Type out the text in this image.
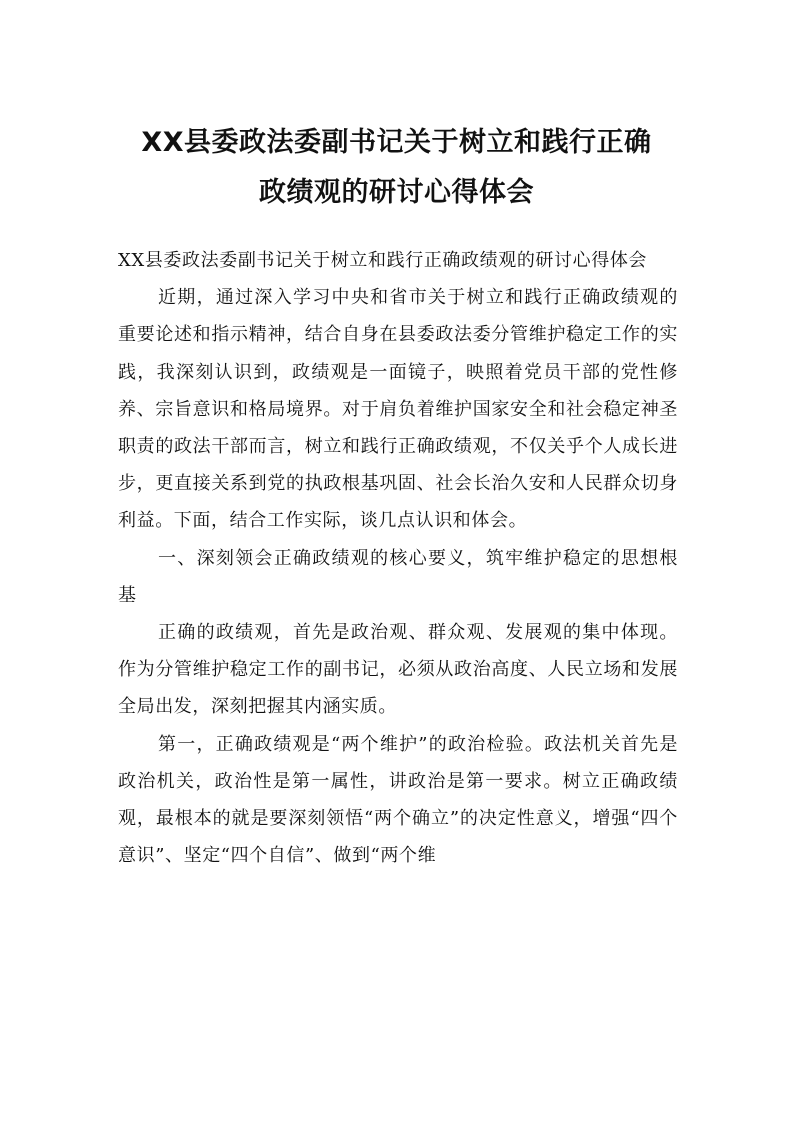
XX县委政法委副书记关于树立和践行正确
政绩观的研讨心得体会

XX县委政法委副书记关于树立和践行正确政绩观的研讨心得体会

近期，通过深入学习中央和省市关于树立和践行正确政绩观的重要论述和指示精神，结合自身在县委政法委分管维护稳定工作的实践，我深刻认识到，政绩观是一面镜子，映照着党员干部的党性修养、宗旨意识和格局境界。对于肩负着维护国家安全和社会稳定神圣职责的政法干部而言，树立和践行正确政绩观，不仅关乎个人成长进步，更直接关系到党的执政根基巩固、社会长治久安和人民群众切身利益。下面，结合工作实际，谈几点认识和体会。

一、深刻领会正确政绩观的核心要义，筑牢维护稳定的思想根基

正确的政绩观，首先是政治观、群众观、发展观的集中体现。作为分管维护稳定工作的副书记，必须从政治高度、人民立场和发展全局出发，深刻把握其内涵实质。

第一，正确政绩观是“两个维护”的政治检验。政法机关首先是政治机关，政治性是第一属性，讲政治是第一要求。树立正确政绩观，最根本的就是要深刻领悟“两个确立”的决定性意义，增强“四个意识”、坚定“四个自信”、做到“两个维
